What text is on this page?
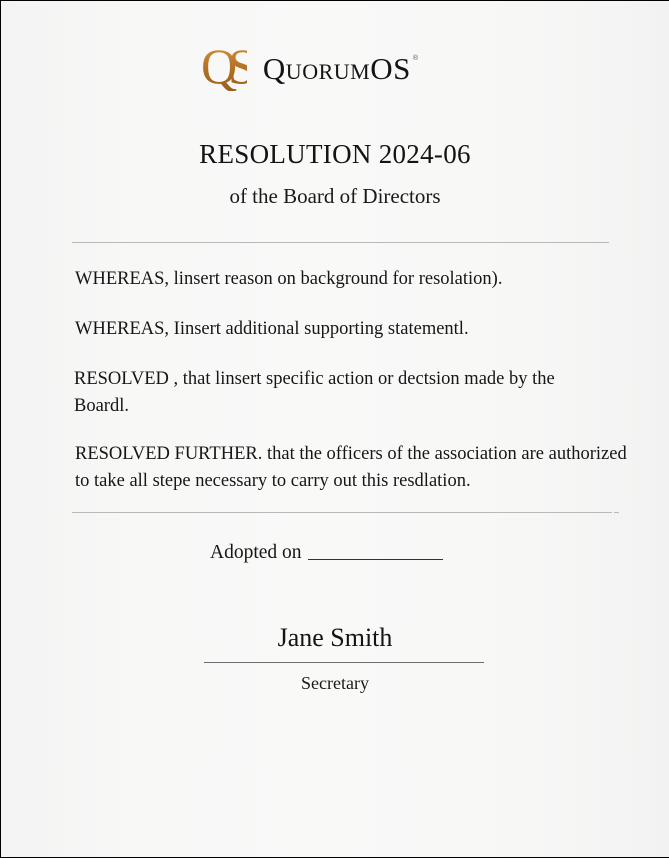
QS QuorumOS ®
RESOLUTION 2024-06
of the Board of Directors

WHEREAS, linsert reason on background for resolation).

WHEREAS, Iinsert additional supporting statementl.

RESOLVED , that linsert specific action or dectsion made by the Boardl.

RESOLVED FURTHER. that the officers of the association are authorized to take all stepe necessary to carry out this resdlation.

Adopted on
Jane Smith
Secretary
